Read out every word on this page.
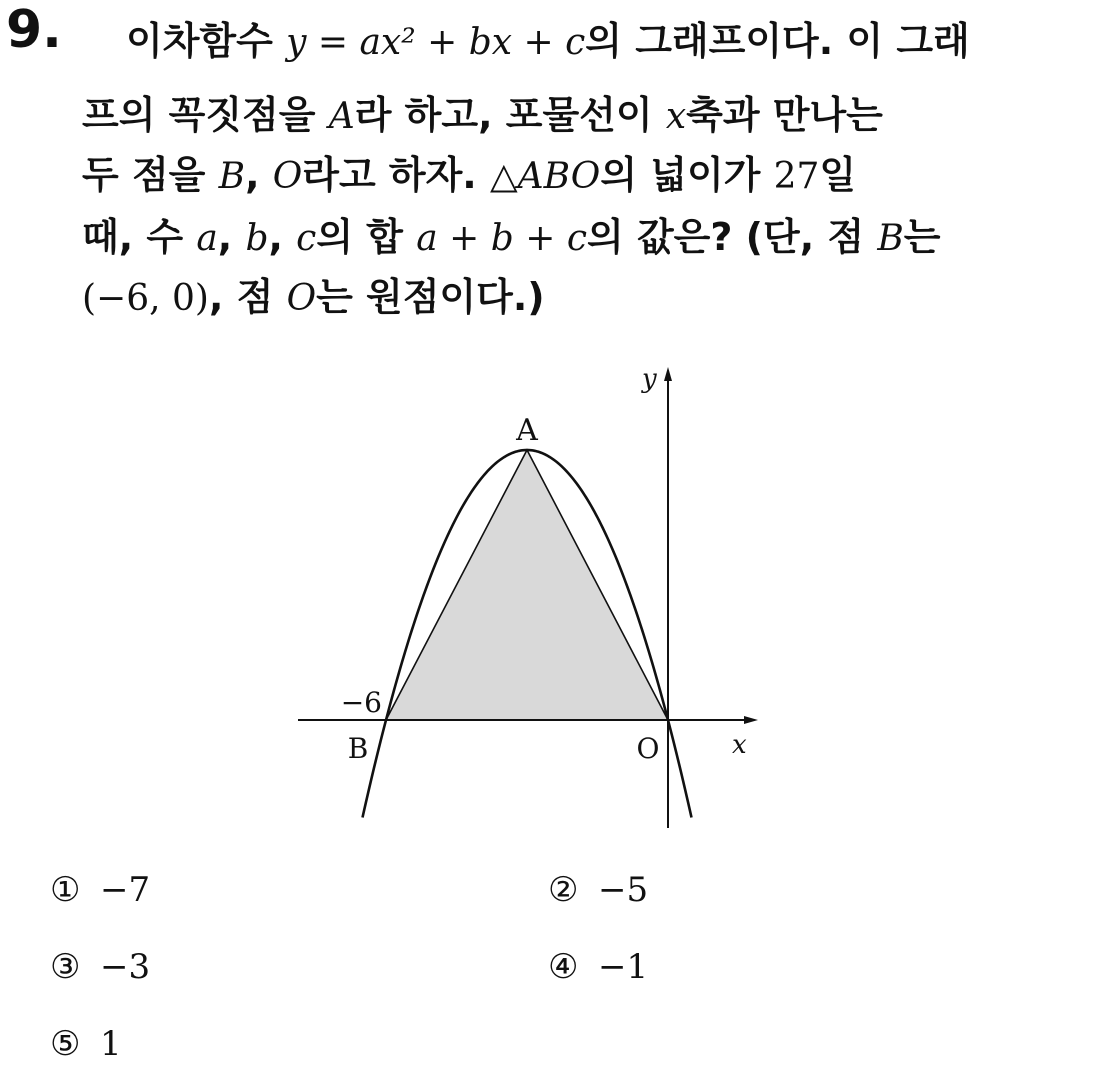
9. 이차함수 y = ax² + bx + c의 그래프이다. 이 그래
프의 꼭짓점을 A라 하고, 포물선이 x축과 만나는
두 점을 B, O라고 하자. △ABO의 넓이가 27일
때, 수 a, b, c의 합 a + b + c의 값은? (단, 점 B는
(−6, 0), 점 O는 원점이다.)
y
x
A
B	O
−6
① −7	② −5
③ −3	④ −1
⑤ 1
